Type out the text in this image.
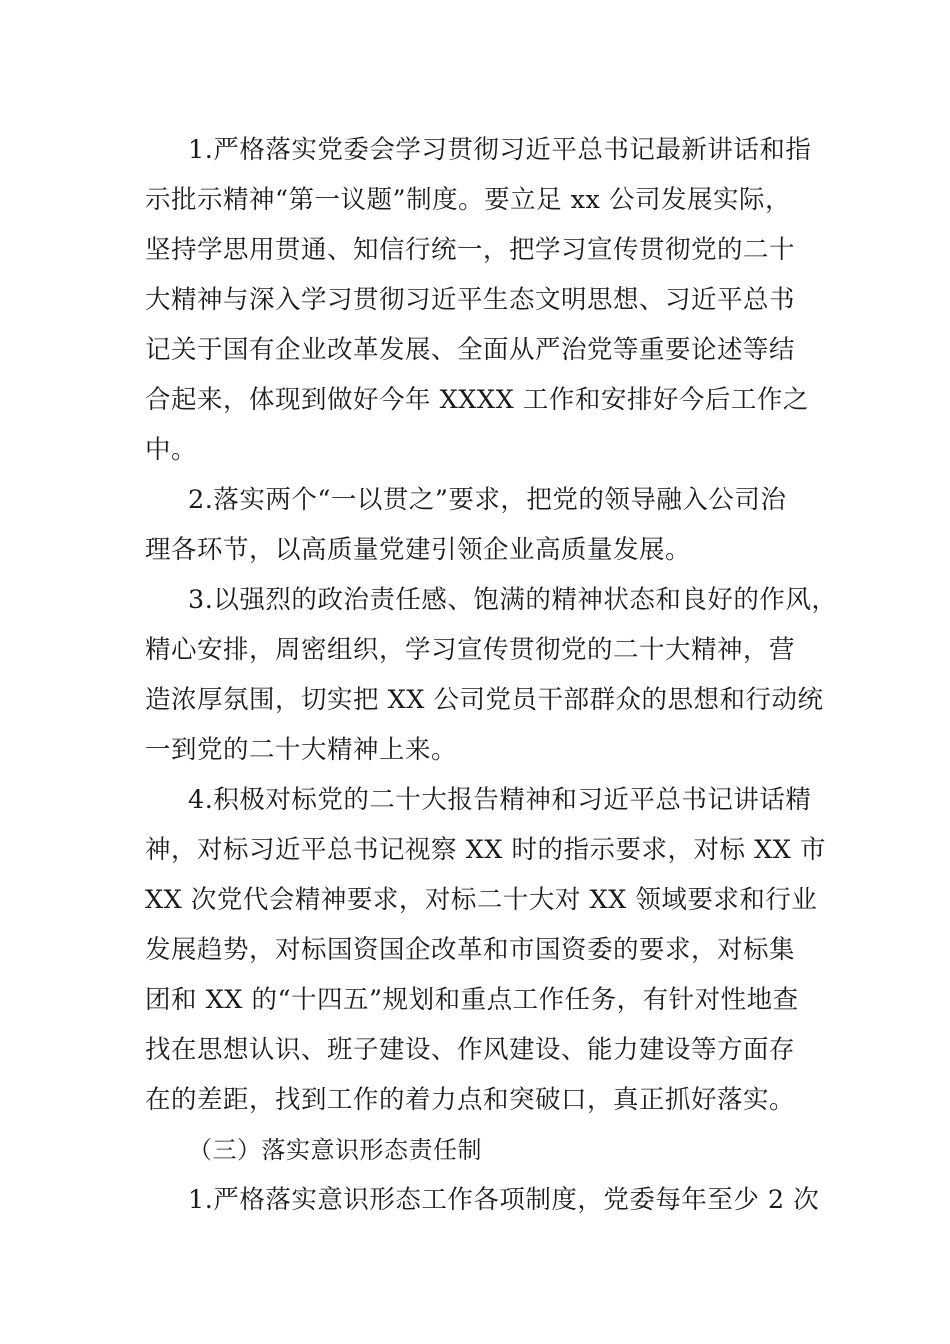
1.严格落实党委会学习贯彻习近平总书记最新讲话和指
示批示精神“第一议题”制度。要立足 xx 公司发展实际，
坚持学思用贯通、知信行统一，把学习宣传贯彻党的二十
大精神与深入学习贯彻习近平生态文明思想、习近平总书
记关于国有企业改革发展、全面从严治党等重要论述等结
合起来，体现到做好今年 XXXX 工作和安排好今后工作之
中。
2.落实两个“一以贯之”要求，把党的领导融入公司治
理各环节，以高质量党建引领企业高质量发展。
3.以强烈的政治责任感、饱满的精神状态和良好的作风，
精心安排，周密组织，学习宣传贯彻党的二十大精神，营
造浓厚氛围，切实把 XX 公司党员干部群众的思想和行动统
一到党的二十大精神上来。
4.积极对标党的二十大报告精神和习近平总书记讲话精
神，对标习近平总书记视察 XX 时的指示要求，对标 XX 市
XX 次党代会精神要求，对标二十大对 XX 领域要求和行业
发展趋势，对标国资国企改革和市国资委的要求，对标集
团和 XX 的“十四五”规划和重点工作任务，有针对性地查
找在思想认识、班子建设、作风建设、能力建设等方面存
在的差距，找到工作的着力点和突破口，真正抓好落实。
（三）落实意识形态责任制
1.严格落实意识形态工作各项制度，党委每年至少 2 次
